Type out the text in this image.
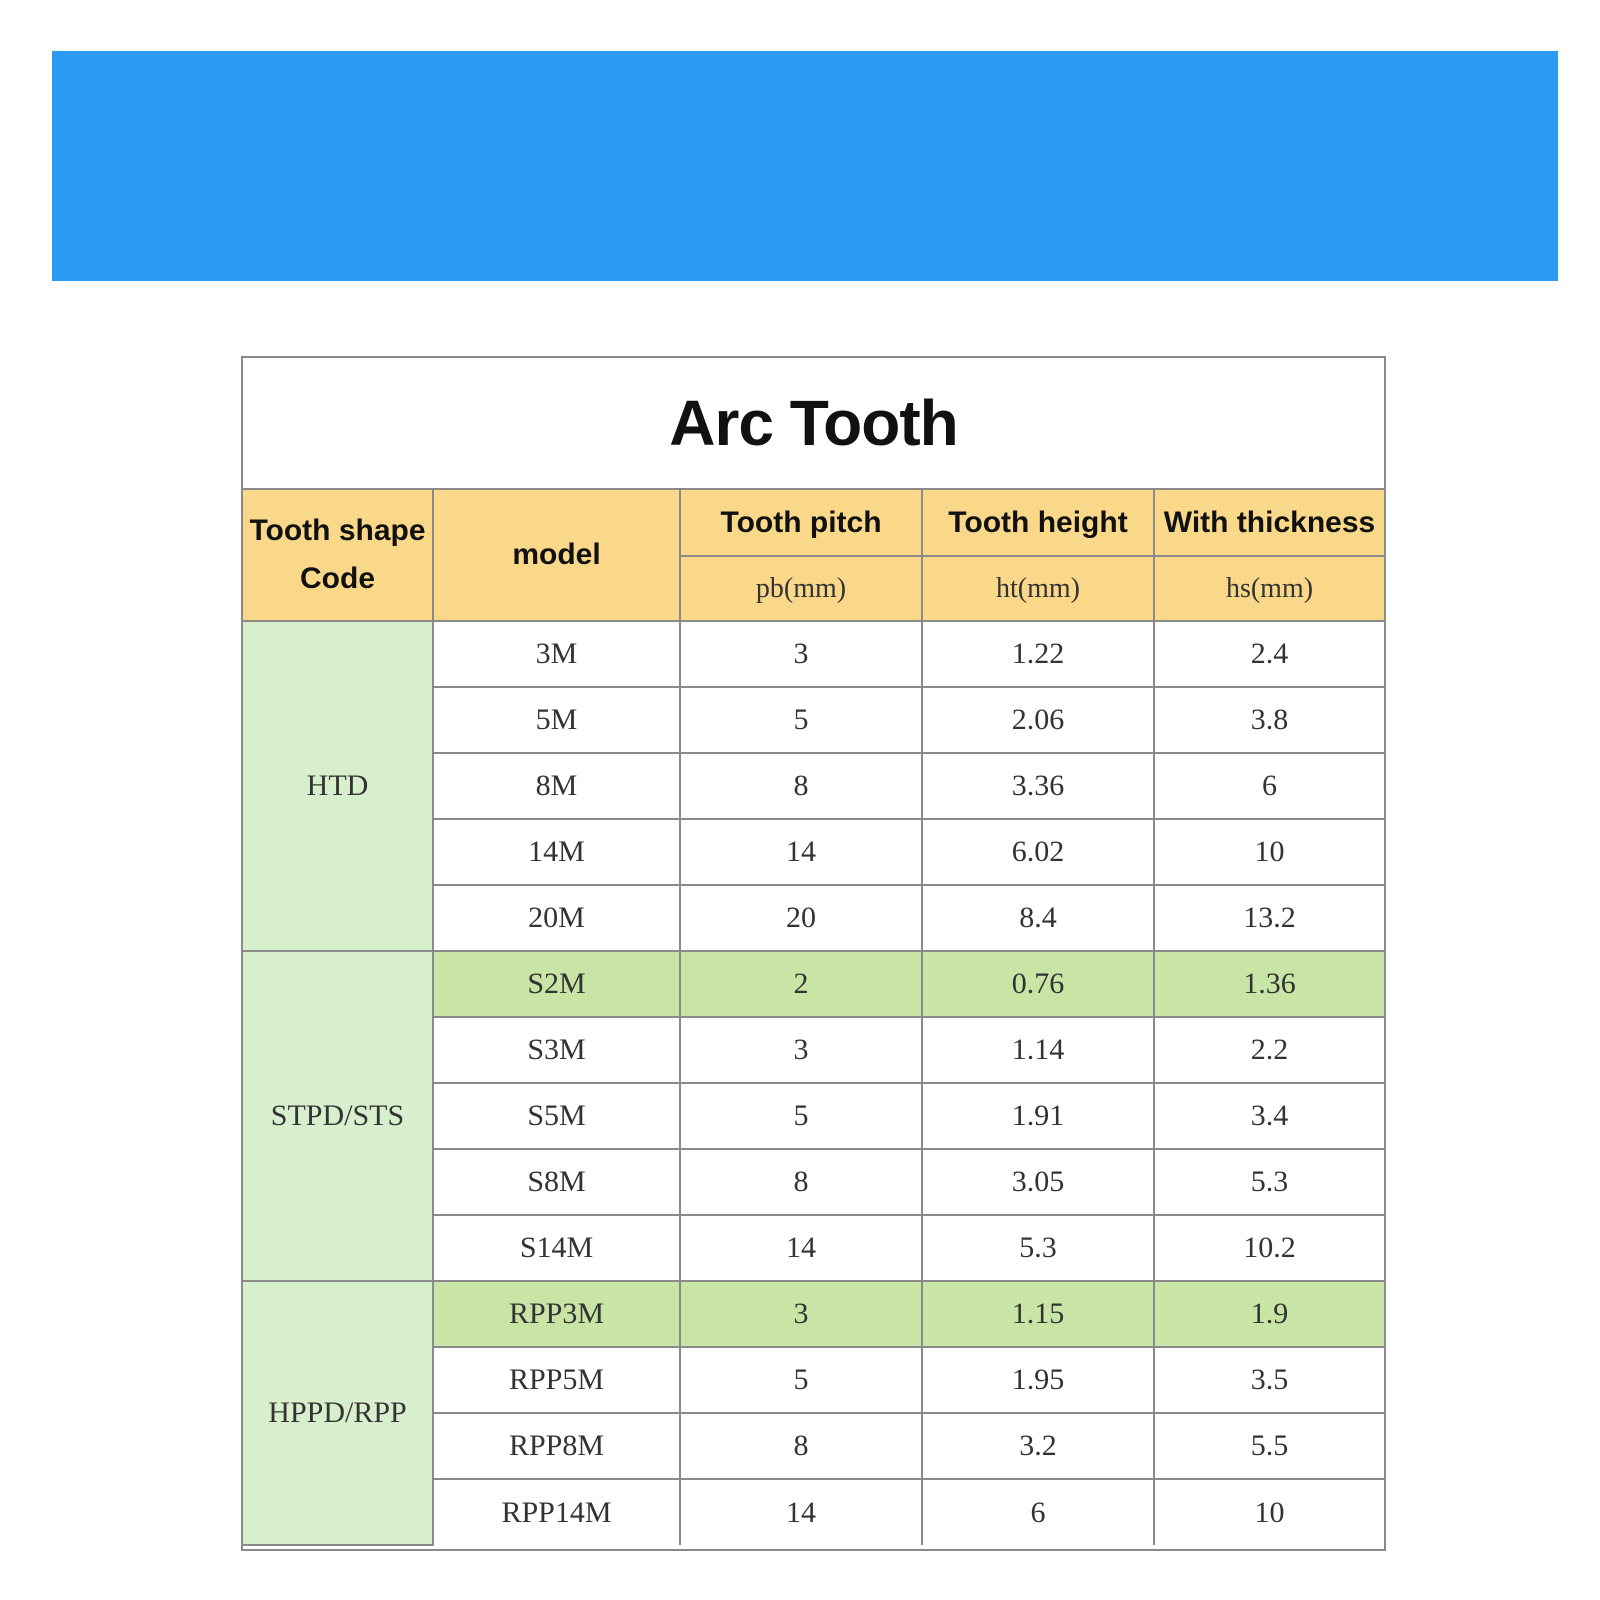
Arc Tooth
Tooth shape
Code	model	Tooth pitch	Tooth height	With thickness
		pb(mm)	ht(mm)	hs(mm)
HTD	3M	3	1.22	2.4
	5M	5	2.06	3.8
	8M	8	3.36	6
	14M	14	6.02	10
	20M	20	8.4	13.2
STPD/STS	S2M	2	0.76	1.36
	S3M	3	1.14	2.2
	S5M	5	1.91	3.4
	S8M	8	3.05	5.3
	S14M	14	5.3	10.2
HPPD/RPP	RPP3M	3	1.15	1.9
	RPP5M	5	1.95	3.5
	RPP8M	8	3.2	5.5
	RPP14M	14	6	10
